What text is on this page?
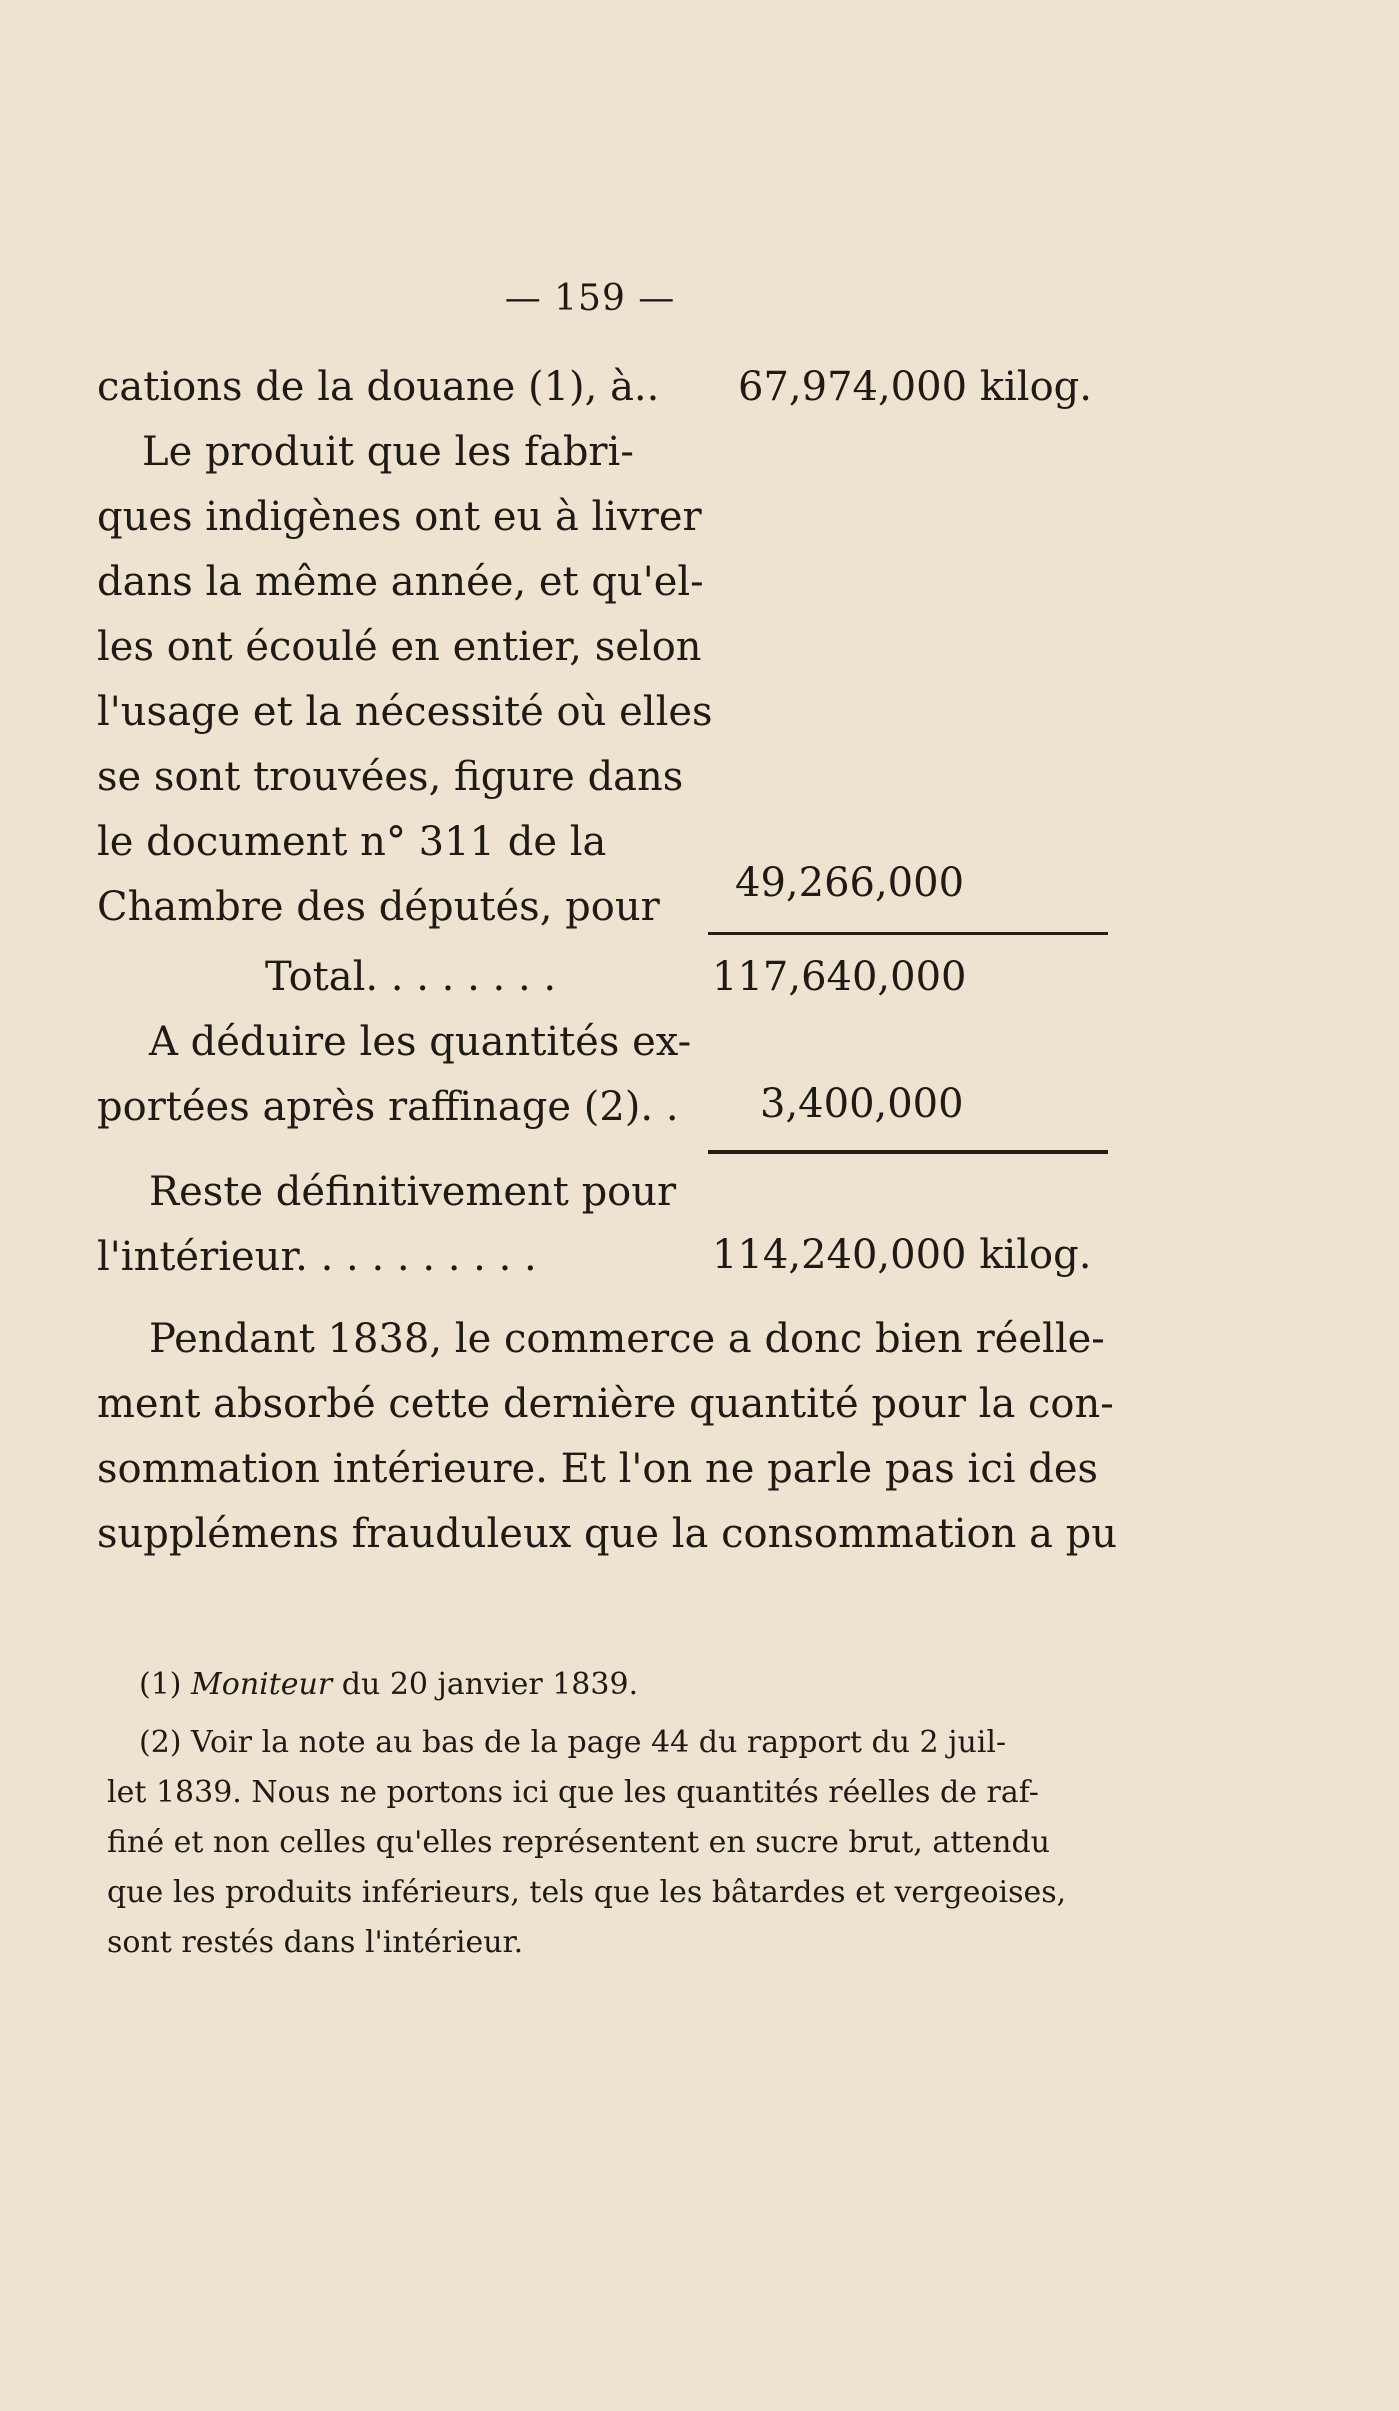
— 159 —
cations de la douane (1), à..	67,974,000 kilog.
Le produit que les fabri-
ques indigènes ont eu à livrer
dans la même année, et qu'el-
les ont écoulé en entier, selon
l'usage et la nécessité où elles
se sont trouvées, figure dans
le document n° 311 de la
Chambre des députés, pour
49,266,000
Total. . . . . . . .	117,640,000
A déduire les quantités ex-
portées après raffinage (2). .	3,400,000
Reste définitivement pour
l'intérieur. . . . . . . . . .	114,240,000 kilog.
Pendant 1838, le commerce a donc bien réelle-
ment absorbé cette dernière quantité pour la con-
sommation intérieure. Et l'on ne parle pas ici des
supplémens frauduleux que la consommation a pu
(1) Moniteur du 20 janvier 1839.
(2) Voir la note au bas de la page 44 du rapport du 2 juil-
let 1839. Nous ne portons ici que les quantités réelles de raf-
finé et non celles qu'elles représentent en sucre brut, attendu
que les produits inférieurs, tels que les bâtardes et vergeoises,
sont restés dans l'intérieur.
